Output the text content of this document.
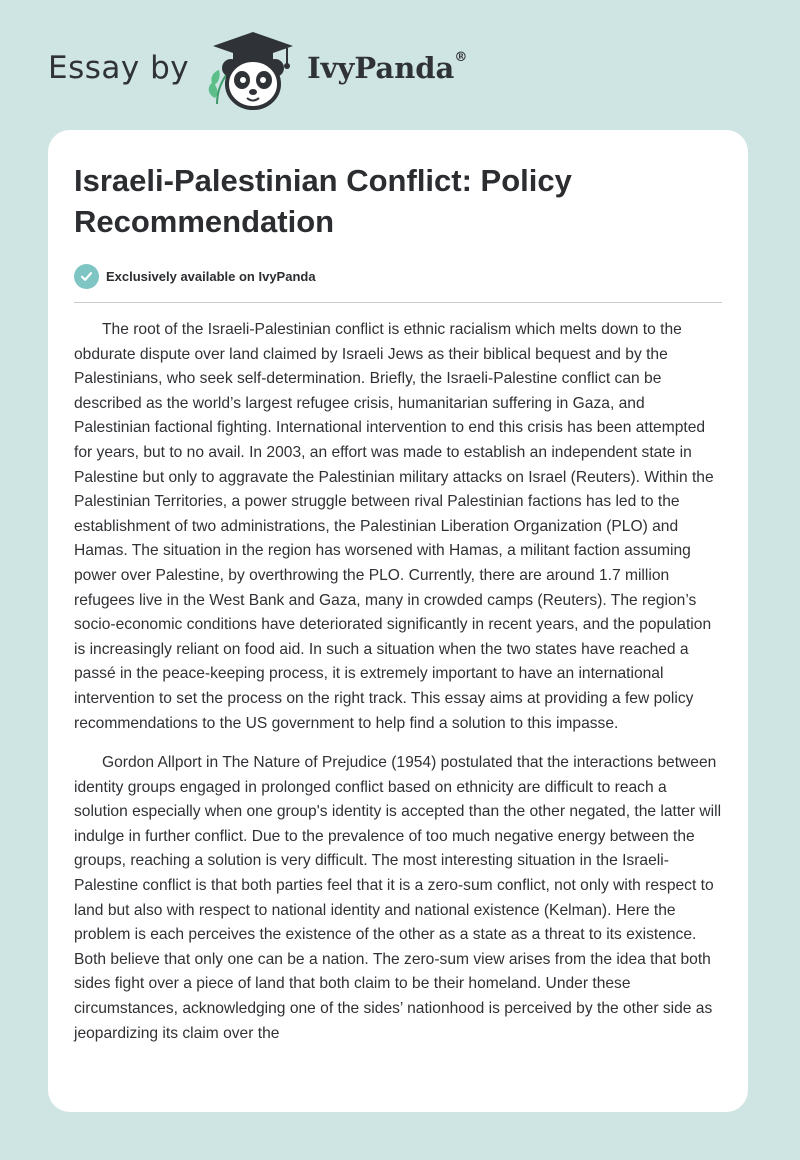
Essay by	IvyPanda®
Israeli-Palestinian Conflict: Policy Recommendation
Exclusively available on IvyPanda

The root of the Israeli-Palestinian conflict is ethnic racialism which melts down to the obdurate dispute over land claimed by Israeli Jews as their biblical bequest and by the Palestinians, who seek self-determination. Briefly, the Israeli-Palestine conflict can be described as the world’s largest refugee crisis, humanitarian suffering in Gaza, and Palestinian factional fighting. International intervention to end this crisis has been attempted for years, but to no avail. In 2003, an effort was made to establish an independent state in Palestine but only to aggravate the Palestinian military attacks on Israel (Reuters). Within the Palestinian Territories, a power struggle between rival Palestinian factions has led to the establishment of two administrations, the Palestinian Liberation Organization (PLO) and Hamas. The situation in the region has worsened with Hamas, a militant faction assuming power over Palestine, by overthrowing the PLO. Currently, there are around 1.7 million refugees live in the West Bank and Gaza, many in crowded camps (Reuters). The region’s socio-economic conditions have deteriorated significantly in recent years, and the population is increasingly reliant on food aid. In such a situation when the two states have reached a passé in the peace-keeping process, it is extremely important to have an international intervention to set the process on the right track. This essay aims at providing a few policy recommendations to the US government to help find a solution to this impasse.

Gordon Allport in The Nature of Prejudice (1954) postulated that the interactions between identity groups engaged in prolonged conflict based on ethnicity are difficult to reach a solution especially when one group's identity is accepted than the other negated, the latter will indulge in further conflict. Due to the prevalence of too much negative energy between the groups, reaching a solution is very difficult. The most interesting situation in the Israeli-Palestine conflict is that both parties feel that it is a zero-sum conflict, not only with respect to land but also with respect to national identity and national existence (Kelman). Here the problem is each perceives the existence of the other as a state as a threat to its existence. Both believe that only one can be a nation. The zero-sum view arises from the idea that both sides fight over a piece of land that both claim to be their homeland. Under these circumstances, acknowledging one of the sides’ nationhood is perceived by the other side as jeopardizing its claim over the
